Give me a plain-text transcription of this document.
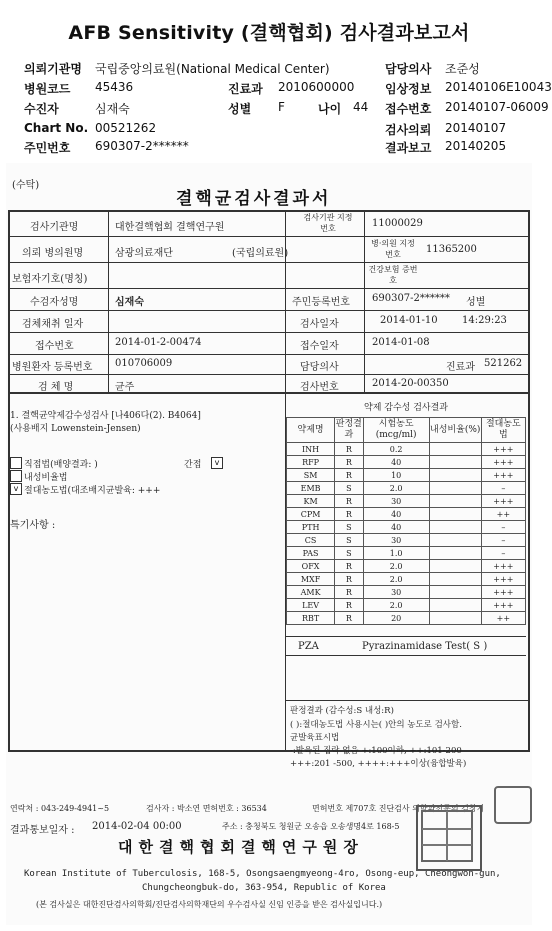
AFB Sensitivity (결핵협회) 검사결과보고서
의뢰기관명 국립중앙의료원(National Medical Center)	담당의사 조준성
병원코드 45436	진료과 2010600000	임상정보 20140106E10043
수진자	심재숙	성별 F	나이 44 접수번호 20140107-06009
Chart No. 00521262	검사의뢰 20140107
주민번호 690307-2******	결과보고 20140205
(수탁)
결핵균검사결과서
검사기관명	대한결핵협회 결핵연구원
검사기관 지정번호	11000029
의뢰 병의원명	삼광의료재단	(국립의료원)
병·의원 지정번호	11365200
보험자기호(명칭)
건강보험 증번호
수검자성명	심재숙	주민등록번호 690307-2****** 성별
검체채취 일자	검사일자	2014-01-10 14:29:23
접수번호	2014-01-2-00474	접수일자	2014-01-08
병원환자 등록번호 010706009	담당의사	진료과 521262
검 체 명	균주	검사번호	2014-20-00350
1. 결핵균약제감수성검사 [나406다(2). B4064]
(사용배지 Lowenstein-Jensen)
직접법(배양결과: )	간접	v
내성비율법
v 절대농도법(대조배지균발육: +++
특기사항 :
약제 감수성 검사결과
약제명	판정결과	시험농도(mcg/ml)	내성비율(%)	절대농도법
INH	R	0.2		+++
RFP	R	40		+++
SM	R	10		+++
EMB	S	2.0		–
KM	R	30		+++
CPM	R	40		++
PTH	S	40		–
CS	S	30		–
PAS	S	1.0		–
OFX	R	2.0		+++
MXF	R	2.0		+++
AMK	R	30		+++
LEV	R	2.0		+++
RBT	R	20		++
PZA	Pyrazinamidase Test( S )
판정결과 (감수성:S 내성:R)
( ):절대농도법 사용시는( )안의 농도로 검사함.
균발육표시법
-:발육된 집락 없음 +:100이하, ++:101-200
+++:201 -500, ++++:+++이상(융합발육)
연락처 : 043-249-4941~5	검사자 : 박소연 면허번호 : 36534	면허번호 제707호 진단검사 의학과전문의 김창기
결과통보일자 : 2014-02-04 00:00	주소 : 충청북도 청원군 오송읍 오송생명4로 168-5
대한결핵협회결핵연구원장
Korean Institute of Tuberculosis, 168-5, Osongsaengmyeong-4ro, Osong-eup, Cheongwon-gun,
Chungcheongbuk-do, 363-954, Republic of Korea
(본 검사실은 대한진단검사의학회/진단검사의학재단의 우수검사실 신임 인증을 받은 검사실입니다.)
